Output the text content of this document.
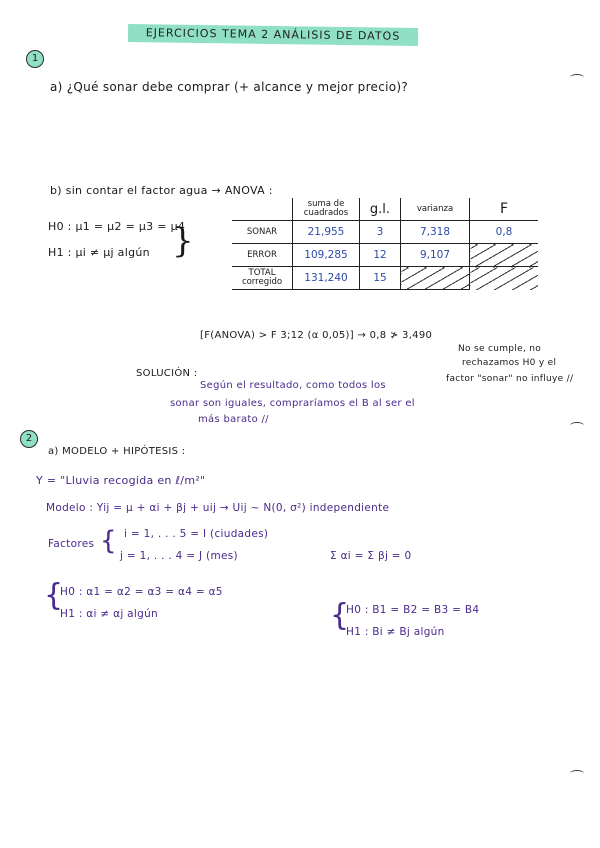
EJERCICIOS TEMA 2 ANÁLISIS DE DATOS
1
a) ¿Qué sonar debe comprar (+ alcance y mejor precio)?
b) sin contar el factor agua → ANOVA :
H0 : μ1 = μ2 = μ3 = μ4
H1 : μi ≠ μj algún }
	suma de cuadrados	g.l.	varianza	F
SONAR	21,955	3	7,318	0,8
ERROR	109,285	12	9,107	
TOTAL corregido	131,240	15		
[F(ANOVA) > F 3;12 (α 0,05)] → 0,8 ≯ 3,490
No se cumple, no
rechazamos H0 y el
factor "sonar" no influye //
SOLUCIÓN :
Según el resultado, como todos los
sonar son iguales, compraríamos el B al ser el
más barato //
2
a) MODELO + HIPÓTESIS :
Y = "Lluvia recogida en ℓ/m²"
Modelo : Yij = μ + αi + βj + uij → Uij ~ N(0, σ²) independiente
Factores { i = 1, . . . 5 = I (ciudades)
j = 1, . . . 4 = J (mes)	Σ αi = Σ βj = 0
{
H0 : α1 = α2 = α3 = α4 = α5
H1 : αi ≠ αj algún	{
H0 : B1 = B2 = B3 = B4
H1 : Bi ≠ Bj algún
